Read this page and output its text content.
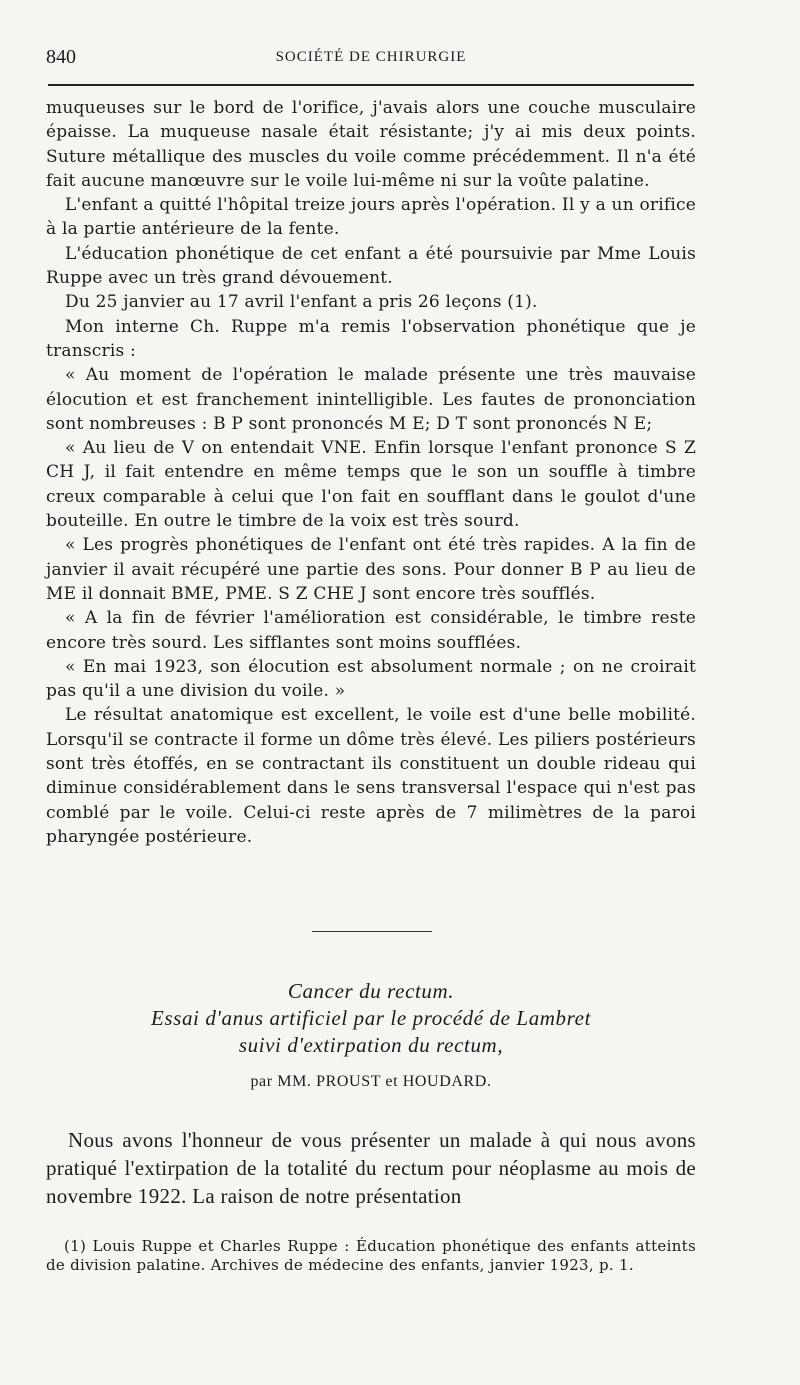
840	SOCIÉTÉ DE CHIRURGIE

muqueuses sur le bord de l'orifice, j'avais alors une couche musculaire épaisse. La muqueuse nasale était résistante; j'y ai mis deux points. Suture métallique des muscles du voile comme précédemment. Il n'a été fait aucune manœuvre sur le voile lui-même ni sur la voûte palatine.

L'enfant a quitté l'hôpital treize jours après l'opération. Il y a un orifice à la partie antérieure de la fente.

L'éducation phonétique de cet enfant a été poursuivie par Mme Louis Ruppe avec un très grand dévouement.

Du 25 janvier au 17 avril l'enfant a pris 26 leçons (1).

Mon interne Ch. Ruppe m'a remis l'observation phonétique que je transcris :

« Au moment de l'opération le malade présente une très mauvaise élocution et est franchement inintelligible. Les fautes de prononciation sont nombreuses : B P sont prononcés M E; D T sont prononcés N E;

« Au lieu de V on entendait VNE. Enfin lorsque l'enfant prononce S Z CH J, il fait entendre en même temps que le son un souffle à timbre creux comparable à celui que l'on fait en soufflant dans le goulot d'une bouteille. En outre le timbre de la voix est très sourd.

« Les progrès phonétiques de l'enfant ont été très rapides. A la fin de janvier il avait récupéré une partie des sons. Pour donner B P au lieu de ME il donnait BME, PME. S Z CHE J sont encore très soufflés.

« A la fin de février l'amélioration est considérable, le timbre reste encore très sourd. Les sifflantes sont moins soufflées.

« En mai 1923, son élocution est absolument normale ; on ne croirait pas qu'il a une division du voile. »

Le résultat anatomique est excellent, le voile est d'une belle mobilité. Lorsqu'il se contracte il forme un dôme très élevé. Les piliers postérieurs sont très étoffés, en se contractant ils constituent un double rideau qui diminue considérablement dans le sens transversal l'espace qui n'est pas comblé par le voile. Celui-ci reste après de 7 milimètres de la paroi pharyngée postérieure.

Cancer du rectum.
Essai d'anus artificiel par le procédé de Lambret
suivi d'extirpation du rectum,
par MM. PROUST et HOUDARD.

Nous avons l'honneur de vous présenter un malade à qui nous avons pratiqué l'extirpation de la totalité du rectum pour néoplasme au mois de novembre 1922. La raison de notre présentation

(1) Louis Ruppe et Charles Ruppe : Éducation phonétique des enfants atteints de division palatine. Archives de médecine des enfants, janvier 1923, p. 1.
